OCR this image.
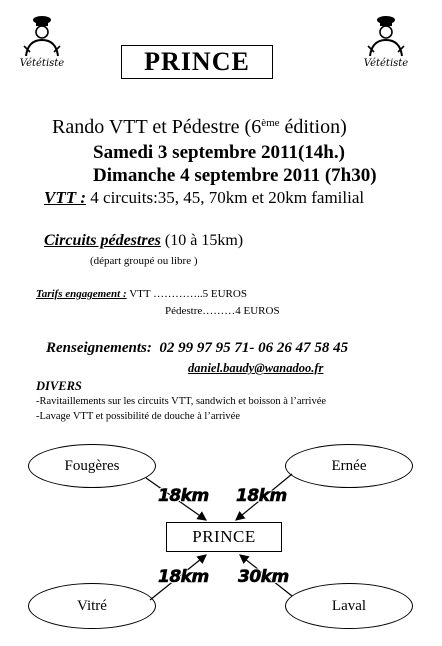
Vététiste	Vététiste
PRINCE
Rando VTT et Pédestre (6ème édition)
Samedi 3 septembre 2011(14h.)
Dimanche 4 septembre 2011 (7h30)
VTT : 4 circuits:35, 45, 70km et 20km familial
Circuits pédestres (10 à 15km)
(départ groupé ou libre )
Tarifs engagement : VTT …………..5 EUROS
Pédestre………4 EUROS
Renseignements: 02 99 97 95 71- 06 26 47 58 45
daniel.baudy@wanadoo.fr
DIVERS
-Ravitaillements sur les circuits VTT, sandwich et boisson à l’arrivée
-Lavage VTT et possibilité de douche à l’arrivée
Fougères	Ernée
Vitré	Laval
PRINCE
18km 18km
18km 30km
